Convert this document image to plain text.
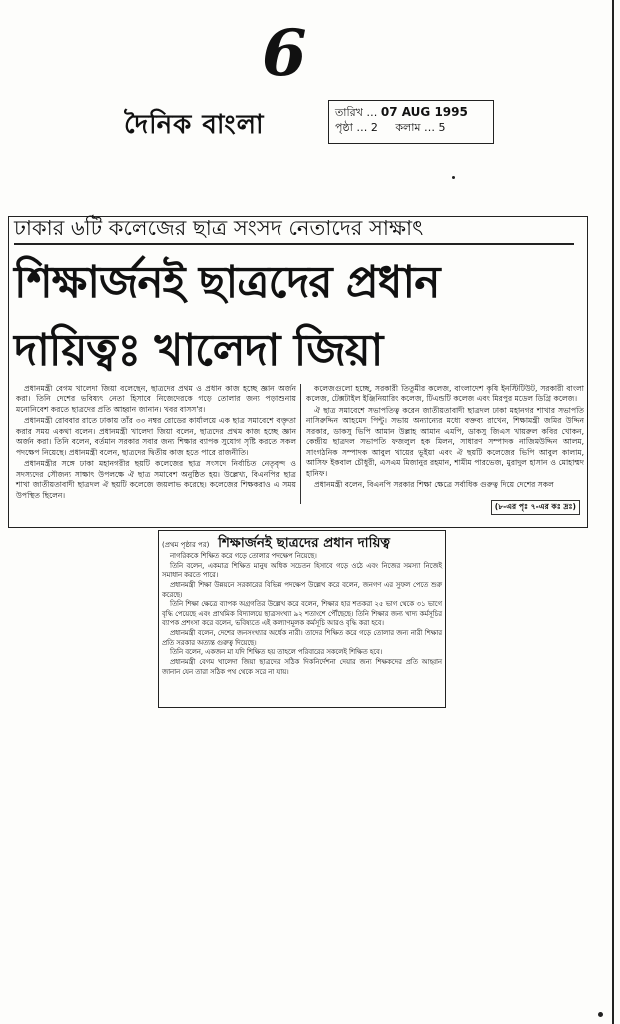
6
দৈনিক বাংলা	তারিখ … 07 AUG 1995
পৃষ্ঠা … 2 কলাম … 5
ঢাকার ৬টি কলেজের ছাত্র সংসদ নেতাদের সাক্ষাৎ
শিক্ষার্জনই ছাত্রদের প্রধান
দায়িত্বঃ খালেদা জিয়া

প্রধানমন্ত্রী বেগম খালেদা জিয়া বলেছেন, ছাত্রদের প্রথম ও প্রধান কাজ হচ্ছে জ্ঞান অর্জন করা। তিনি দেশের ভবিষ্যৎ নেতা হিসাবে নিজেদেরকে গড়ে তোলার জন্য পড়াশুনায় মনোনিবেশ করতে ছাত্রদের প্রতি আহ্বান জানান। খবর বাসস'র।

প্রধানমন্ত্রী রোববার রাতে ঢাকায় তাঁর ৩৩ নম্বর রোডের কার্যালয়ে এক ছাত্র সমাবেশে বক্তৃতা করার সময় একথা বলেন। প্রধানমন্ত্রী খালেদা জিয়া বলেন, ছাত্রদের প্রথম কাজ হচ্ছে জ্ঞান অর্জন করা। তিনি বলেন, বর্তমান সরকার সবার জন্য শিক্ষার ব্যাপক সুযোগ সৃষ্টি করতে সকল পদক্ষেপ নিয়েছে। প্রধানমন্ত্রী বলেন, ছাত্রদের দ্বিতীয় কাজ হতে পারে রাজনীতি।

প্রধানমন্ত্রীর সঙ্গে ঢাকা মহানগরীর ছয়টি কলেজের ছাত্র সংসদে নির্বাচিত নেতৃবৃন্দ ও সদস্যদের সৌজন্য সাক্ষাৎ উপলক্ষে ঐ ছাত্র সমাবেশ অনুষ্ঠিত হয়। উল্লেখ্য, বিএনপির ছাত্র শাখা জাতীয়তাবাদী ছাত্রদল ঐ ছয়টি কলেজে জয়লাভ করেছে। কলেজের শিক্ষকরাও এ সময় উপস্থিত ছিলেন।

কলেজগুলো হচ্ছে, সরকারী তিতুমীর কলেজ, বাংলাদেশ কৃষি ইনস্টিটিউট, সরকারী বাংলা কলেজ, টেক্সটাইল ইঞ্জিনিয়ারিং কলেজ, টিএন্ডটি কলেজ এবং মিরপুর মডেল ডিগ্রি কলেজ।

ঐ ছাত্র সমাবেশে সভাপতিত্ব করেন জাতীয়তাবাদী ছাত্রদল ঢাকা মহানগর শাখার সভাপতি নাসিরুদ্দিন আহমেদ পিন্টু। সভায় অন্যান্যের মধ্যে বক্তব্য রাখেন, শিক্ষামন্ত্রী জমির উদ্দিন সরকার, ডাকসু ভিপি আমান উল্লাহ আমান এমপি, ডাকসু জিএস খায়রুল কবির খোকন, কেন্দ্রীয় ছাত্রদল সভাপতি ফজলুল হক মিলন, সাধারণ সম্পাদক নাজিমউদ্দিন আলম, সাংগঠনিক সম্পাদক আবুল খায়ের ভূইয়া এবং ঐ ছয়টি কলেজের ভিপি আবুল কালাম, আসিফ ইকবাল চৌধুরী, এসএম মিজানুর রহমান, শামীম পারভেজ, মুরাদুল হাসান ও মোহাম্মদ হানিফ।

প্রধানমন্ত্রী বলেন, বিএনপি সরকার শিক্ষা ক্ষেত্রে সর্বাধিক গুরুত্ব দিয়ে দেশের সকল

(৮-এর পৃঃ ৭-এর কঃ দ্রঃ)
(প্রথম পৃষ্ঠার পর) শিক্ষার্জনই ছাত্রদের প্রধান দায়িত্ব

নাগরিককে শিক্ষিত করে গড়ে তোলার পদক্ষেপ নিয়েছে।

তিনি বলেন, একমাত্র শিক্ষিত মানুষ অধিক সচেতন হিসাবে গড়ে ওঠে এবং নিজের সমস্যা নিজেই সমাধান করতে পারে।

প্রধানমন্ত্রী শিক্ষা উন্নয়নে সরকারের বিভিন্ন পদক্ষেপ উল্লেখ করে বলেন, জনগণ এর সুফল পেতে শুরু করেছে।

তিনি শিক্ষা ক্ষেত্রে ব্যাপক অগ্রগতির উল্লেখ করে বলেন, শিক্ষার হার শতকরা ২৫ ভাগ থেকে ৩১ ভাগে বৃদ্ধি পেয়েছে এবং প্রাথমিক বিদ্যালয়ে ছাত্রসংখ্যা ৯২ শতাংশে পৌঁছেছে। তিনি শিক্ষার জন্য খাদ্য কর্মসূচির ব্যাপক প্রশংসা করে বলেন, ভবিষ্যতে এই কল্যাণমূলক কর্মসূচি আরও বৃদ্ধি করা হবে।

প্রধানমন্ত্রী বলেন, দেশের জনসংখ্যার অর্ধেক নারী। তাদের শিক্ষিত করে গড়ে তোলার জন্য নারী শিক্ষার প্রতি সরকার অত্যন্ত গুরুত্ব দিয়েছে।

তিনি বলেন, একজন মা যদি শিক্ষিত হয় তাহলে পরিবারের সকলেই শিক্ষিত হবে।

প্রধানমন্ত্রী বেগম খালেদা জিয়া ছাত্রদের সঠিক দিকনির্দেশনা দেয়ার জন্য শিক্ষকদের প্রতি আহ্বান জানান যেন তারা সঠিক পথ থেকে সরে না যায়।
